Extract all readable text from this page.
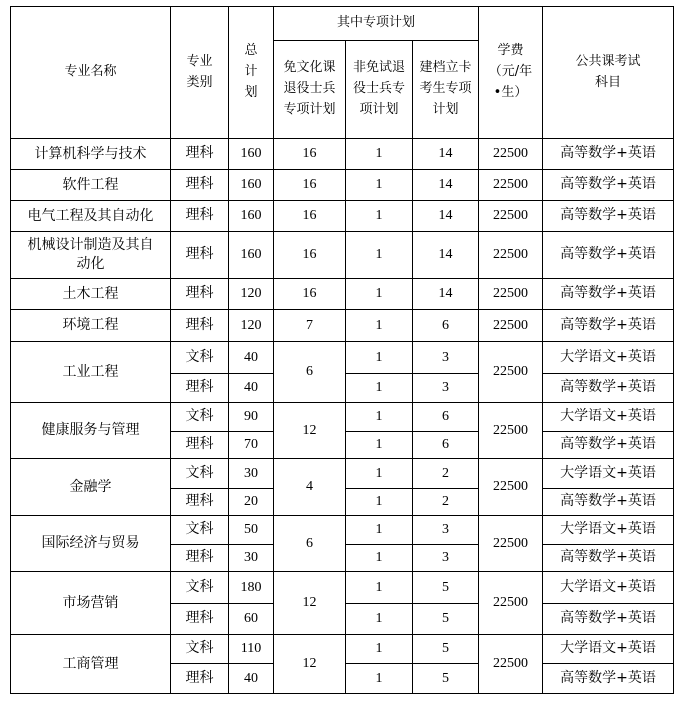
专业名称	专业类别	总计划	其中专项计划			学费（元/年 •生）	公共课考试科目

			免文化课退役士兵专项计划	非免试退役士兵专项计划	建档立卡考生专项计划		

计算机科学与技术	理科	160	16	1	14	22500	高等数学+英语

软件工程	理科	160	16	1	14	22500	高等数学+英语

电气工程及其自动化	理科	160	16	1	14	22500	高等数学+英语

机械设计制造及其自动化	理科	160	16	1	14	22500	高等数学+英语

土木工程	理科	120	16	1	14	22500	高等数学+英语

环境工程	理科	120	7	1	6	22500	高等数学+英语
工业工程	文科	40	6	1	3	22500	大学语文+英语
	理科	40		1	3		高等数学+英语
健康服务与管理	文科	90	12	1	6	22500	大学语文+英语
	理科	70		1	6		高等数学+英语
金融学	文科	30	4	1	2	22500	大学语文+英语
	理科	20		1	2		高等数学+英语
国际经济与贸易	文科	50	6	1	3	22500	大学语文+英语
	理科	30		1	3		高等数学+英语
市场营销	文科	180	12	1	5	22500	大学语文+英语
	理科	60		1	5		高等数学+英语
工商管理	文科	110	12	1	5	22500	大学语文+英语
	理科	40		1	5		高等数学+英语
